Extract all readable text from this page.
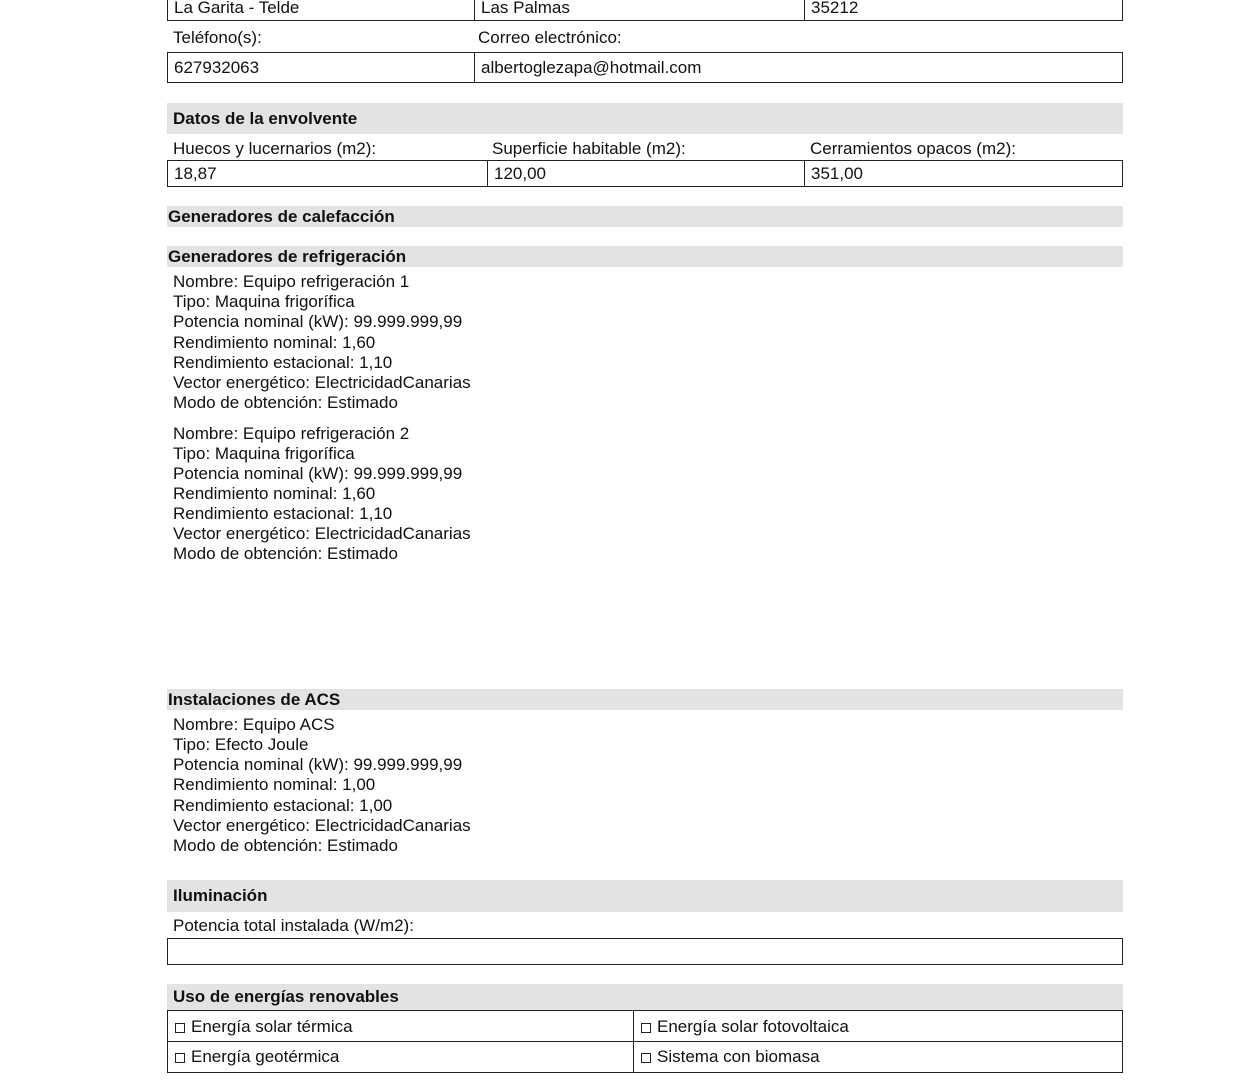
La Garita - Telde	Las Palmas	35212
Teléfono(s):	Correo electrónico:
627932063	albertoglezapa@hotmail.com
Datos de la envolvente
Huecos y lucernarios (m2):	Superficie habitable (m2):	Cerramientos opacos (m2):
18,87	120,00	351,00
Generadores de calefacción
Generadores de refrigeración
Nombre: Equipo refrigeración 1
Tipo: Maquina frigorífica
Potencia nominal (kW): 99.999.999,99
Rendimiento nominal: 1,60
Rendimiento estacional: 1,10
Vector energético: ElectricidadCanarias
Modo de obtención: Estimado
Nombre: Equipo refrigeración 2
Tipo: Maquina frigorífica
Potencia nominal (kW): 99.999.999,99
Rendimiento nominal: 1,60
Rendimiento estacional: 1,10
Vector energético: ElectricidadCanarias
Modo de obtención: Estimado
Instalaciones de ACS
Nombre: Equipo ACS
Tipo: Efecto Joule
Potencia nominal (kW): 99.999.999,99
Rendimiento nominal: 1,00
Rendimiento estacional: 1,00
Vector energético: ElectricidadCanarias
Modo de obtención: Estimado
Iluminación
Potencia total instalada (W/m2):
Uso de energías renovables
Energía solar térmica	Energía solar fotovoltaica
Energía geotérmica	Sistema con biomasa
